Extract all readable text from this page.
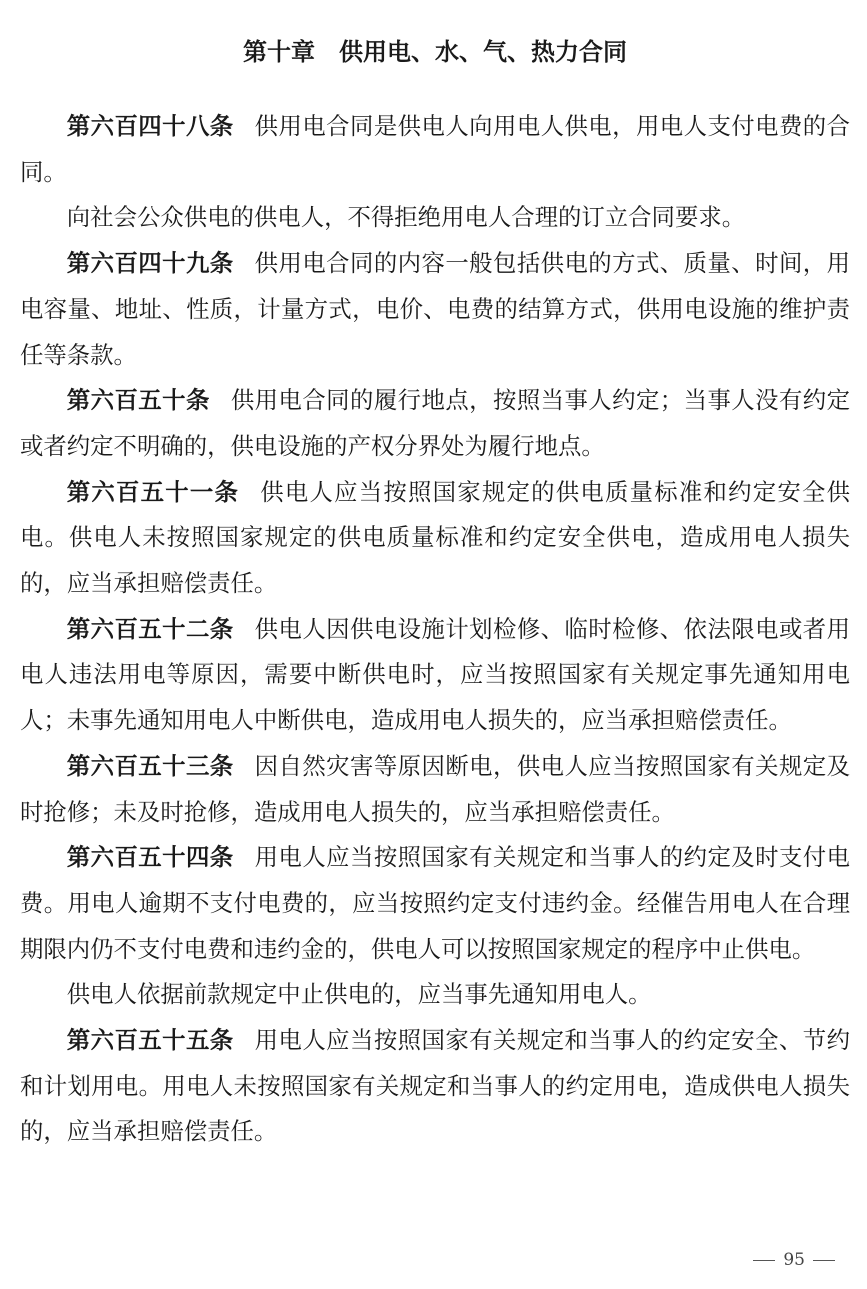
第十章　供用电、水、气、热力合同

第六百四十八条 供用电合同是供电人向用电人供电，用电人支付电费的合同。

向社会公众供电的供电人，不得拒绝用电人合理的订立合同要求。

第六百四十九条 供用电合同的内容一般包括供电的方式、质量、时间，用电容量、地址、性质，计量方式，电价、电费的结算方式，供用电设施的维护责任等条款。

第六百五十条 供用电合同的履行地点，按照当事人约定；当事人没有约定或者约定不明确的，供电设施的产权分界处为履行地点。

第六百五十一条 供电人应当按照国家规定的供电质量标准和约定安全供电。供电人未按照国家规定的供电质量标准和约定安全供电，造成用电人损失的，应当承担赔偿责任。

第六百五十二条 供电人因供电设施计划检修、临时检修、依法限电或者用电人违法用电等原因，需要中断供电时，应当按照国家有关规定事先通知用电人；未事先通知用电人中断供电，造成用电人损失的，应当承担赔偿责任。

第六百五十三条 因自然灾害等原因断电，供电人应当按照国家有关规定及时抢修；未及时抢修，造成用电人损失的，应当承担赔偿责任。

第六百五十四条 用电人应当按照国家有关规定和当事人的约定及时支付电费。用电人逾期不支付电费的，应当按照约定支付违约金。经催告用电人在合理期限内仍不支付电费和违约金的，供电人可以按照国家规定的程序中止供电。

供电人依据前款规定中止供电的，应当事先通知用电人。

第六百五十五条 用电人应当按照国家有关规定和当事人的约定安全、节约和计划用电。用电人未按照国家有关规定和当事人的约定用电，造成供电人损失的，应当承担赔偿责任。

95
